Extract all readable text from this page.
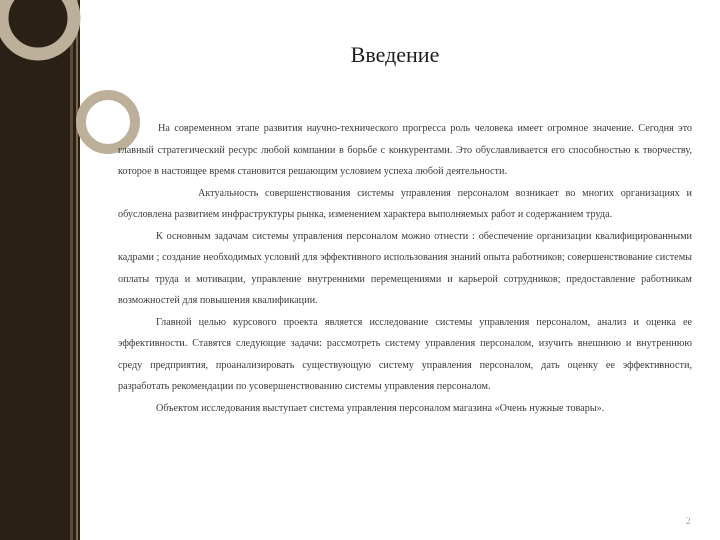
Введение

На современном этапе развития научно-технического прогресса роль человека имеет огромное значение. Сегодня это главный стратегический ресурс любой компании в борьбе с конкурентами. Это обуславливается его способностью к творчеству, которое в настоящее время становится решающим условием успеха любой деятельности.

Актуальность совершенствования системы управления персоналом возникает во многих организациях и обусловлена развитием инфраструктуры рынка, изменением характера выполняемых работ и содержанием труда.

К основным задачам системы управления персоналом можно отнести : обеспечение организации квалифицированными кадрами ; создание необходимых условий для эффективного использования знаний опыта работников; совершенствование системы оплаты труда и мотивации, управление внутренними перемещениями и карьерой сотрудников; предоставление работникам возможностей для повышения квалификации.

Главной целью курсового проекта является исследование системы управления персоналом, анализ и оценка ее эффективности. Ставятся следующие задачи: рассмотреть систему управления персоналом, изучить внешнюю и внутреннюю среду предприятия, проанализировать существующую систему управления персоналом, дать оценку ее эффективности, разработать рекомендации по усовершенствованию системы управления персоналом.

Объектом исследования выступает система управления персоналом магазина «Очень нужные товары».

2
